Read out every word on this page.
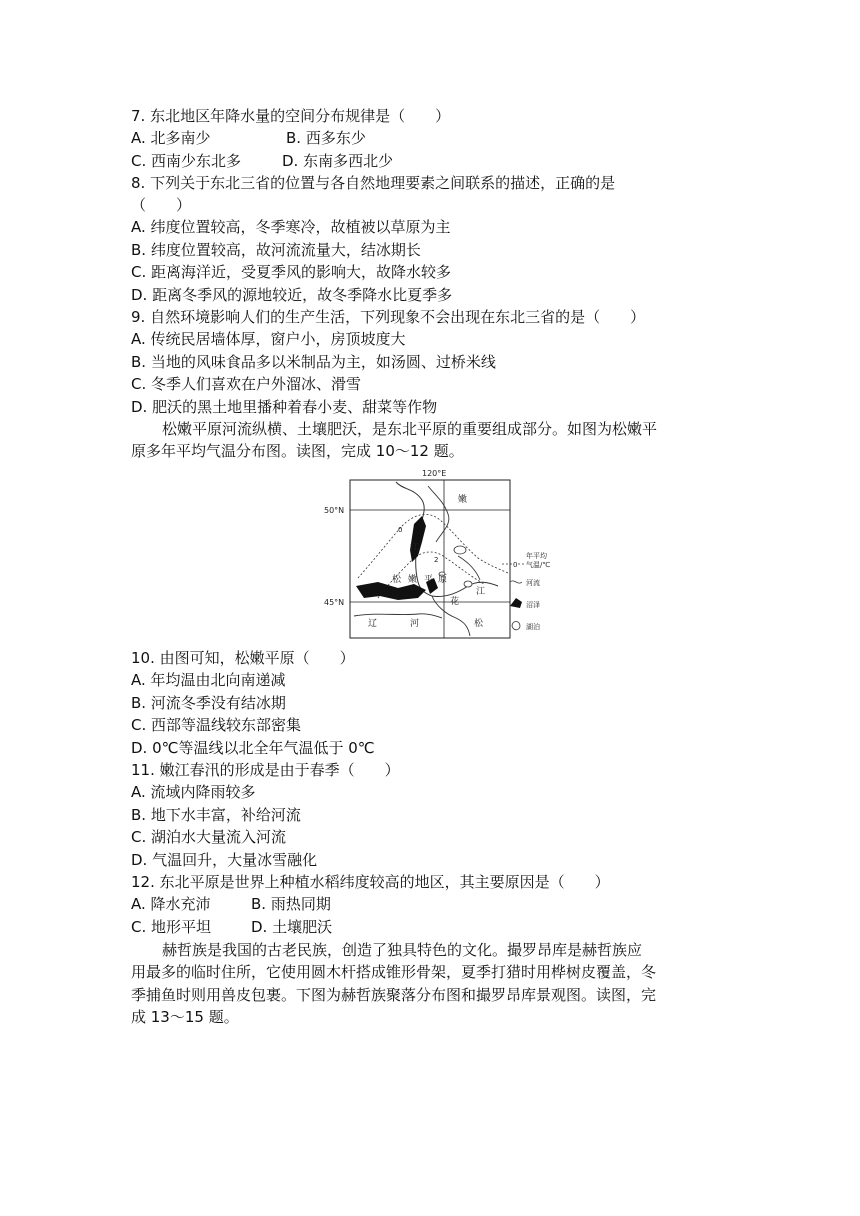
7. 东北地区年降水量的空间分布规律是（　　）
A. 北多南少	B. 西多东少
C. 西南少东北多	D. 东南多西北少
8. 下列关于东北三省的位置与各自然地理要素之间联系的描述，正确的是
（　　）
A. 纬度位置较高，冬季寒冷，故植被以草原为主
B. 纬度位置较高，故河流流量大，结冰期长
C. 距离海洋近，受夏季风的影响大，故降水较多
D. 距离冬季风的源地较近，故冬季降水比夏季多
9. 自然环境影响人们的生产生活，下列现象不会出现在东北三省的是（　　）
A. 传统民居墙体厚，窗户小，房顶坡度大
B. 当地的风味食品多以米制品为主，如汤圆、过桥米线
C. 冬季人们喜欢在户外溜冰、滑雪
D. 肥沃的黑土地里播种着春小麦、甜菜等作物
松嫩平原河流纵横、土壤肥沃，是东北平原的重要组成部分。如图为松嫩平
原多年平均气温分布图。读图，完成 10～12 题。
120°E
50°N
45°N
0
2
嫩
江
松 嫩 平 原
花
江
辽	河	松
0
年平均
气温/℃
河流
沼泽
湖泊
10. 由图可知，松嫩平原（　　）
A. 年均温由北向南递减
B. 河流冬季没有结冰期
C. 西部等温线较东部密集
D. 0℃等温线以北全年气温低于 0℃
11. 嫩江春汛的形成是由于春季（　　）
A. 流域内降雨较多
B. 地下水丰富，补给河流
C. 湖泊水大量流入河流
D. 气温回升，大量冰雪融化
12. 东北平原是世界上种植水稻纬度较高的地区，其主要原因是（　　）
A. 降水充沛	B. 雨热同期
C. 地形平坦	D. 土壤肥沃
赫哲族是我国的古老民族，创造了独具特色的文化。撮罗昂库是赫哲族应
用最多的临时住所，它使用圆木杆搭成锥形骨架，夏季打猎时用桦树皮覆盖，冬
季捕鱼时则用兽皮包裹。下图为赫哲族聚落分布图和撮罗昂库景观图。读图，完
成 13～15 题。
